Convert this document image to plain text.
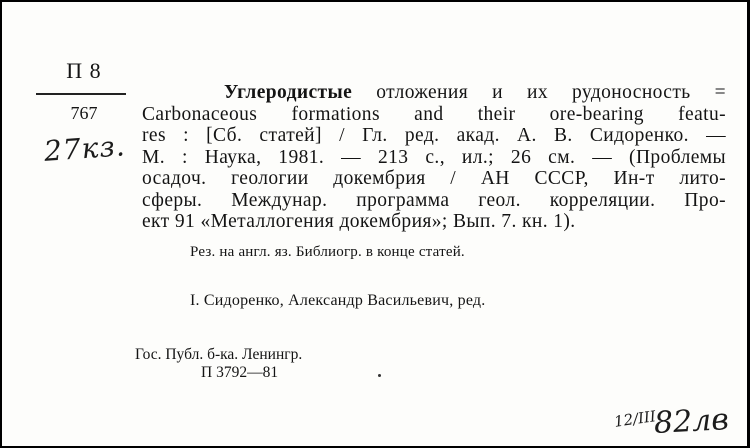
П 8
767
27кз.
Углеродистые отложения и их рудоносность =
Carbonaceous formations and their ore-bearing featu-
res : [Сб. статей] / Гл. ред. акад. А. В. Сидоренко. —
М. : Наука, 1981. — 213 с., ил.; 26 см. — (Проблемы
осадоч. геологии докембрия / АН СССР, Ин-т лито-
сферы. Междунар. программа геол. корреляции. Про-
ект 91 «Металлогения докембрия»; Вып. 7. кн. 1).
Рез. на англ. яз. Библиогр. в конце статей.
I. Сидоренко, Александр Васильевич, ред.
Гос. Публ. б-ка. Ленингр.
П 3792—81
12/III
82лв
